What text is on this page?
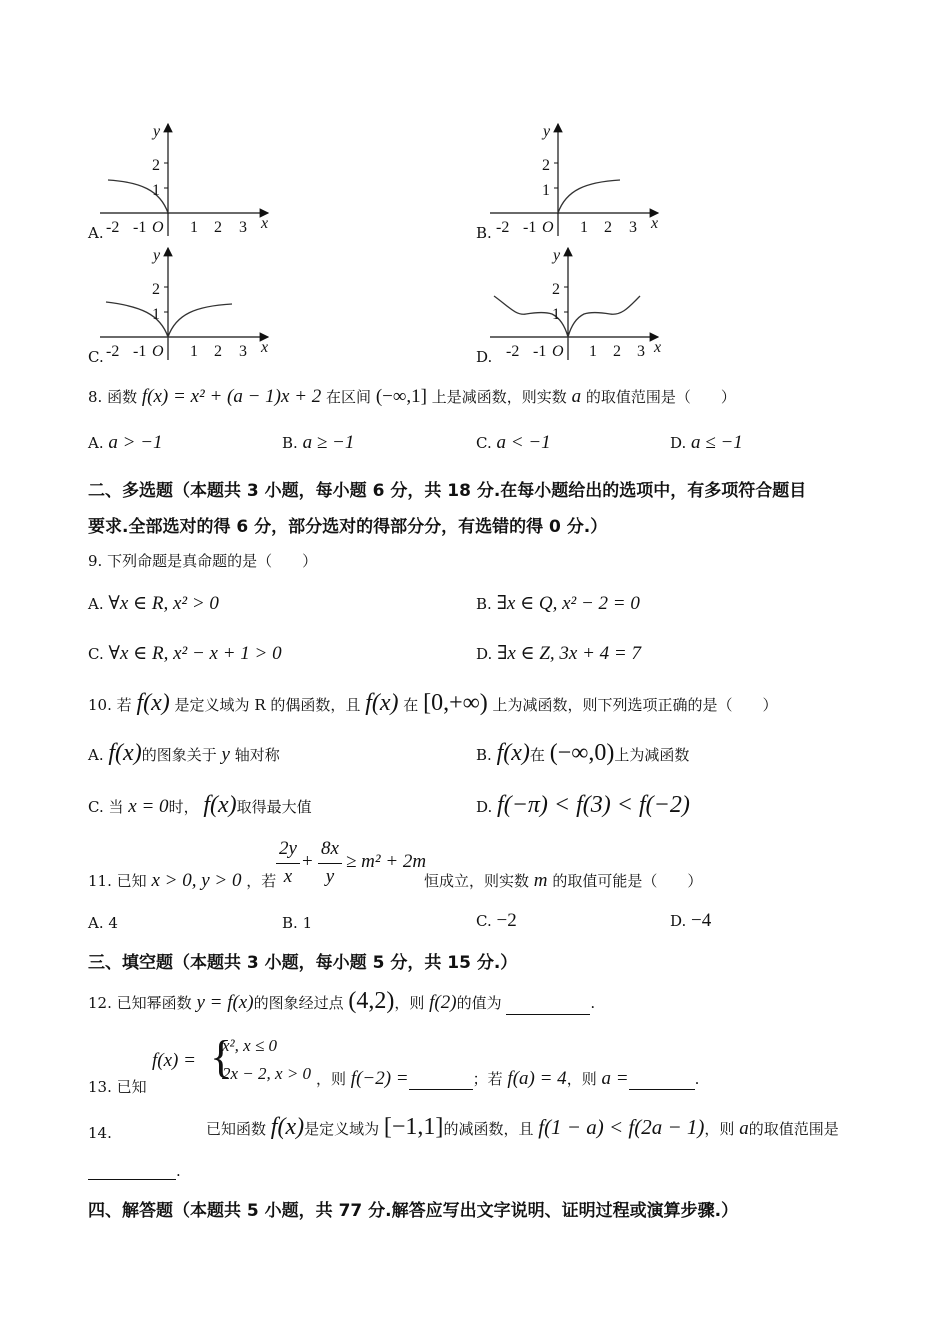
A.
y
2
1
-2 -1 O 1 2 3 x
B.
y
2
1
-2 -1 O 1 2 3 x
C.
y
2
1
-2 -1 O 1 2 3 x
D.
y
2
1
-2 -1 O 1 2 3 x
8. 函数 f(x) = x² + (a − 1)x + 2 在区间 (−∞,1] 上是减函数，则实数 a 的取值范围是（　　）
A. a > −1	B. a ≥ −1	C. a < −1	D. a ≤ −1
二、多选题（本题共 3 小题，每小题 6 分，共 18 分.在每小题给出的选项中，有多项符合题目
要求.全部选对的得 6 分，部分选对的得部分分，有选错的得 0 分.）
9. 下列命题是真命题的是（　　）
A. ∀x ∈ R, x² > 0	B. ∃x ∈ Q, x² − 2 = 0
C. ∀x ∈ R, x² − x + 1 > 0	D. ∃x ∈ Z, 3x + 4 = 7
10. 若 f(x) 是定义域为 R 的偶函数，且 f(x) 在 [0,+∞) 上为减函数，则下列选项正确的是（　　）
A. f(x)的图象关于 y 轴对称	B. f(x)在 (−∞,0)上为减函数
C. 当 x = 0时， f(x)取得最大值	D. f(−π) < f(3) < f(−2)
11. 已知 x > 0, y > 0 ，若
2y
x
+
8x
y
≥ m² + 2m
恒成立，则实数 m 的取值可能是（　　）
A. 4	B. 1	C. −2	D. −4
三、填空题（本题共 3 小题，每小题 5 分，共 15 分.）
12. 已知幂函数 y = f(x)的图象经过点 (4,2)，则 f(2)的值为	.
13. 已知
f(x) = {
x², x ≤ 0
2x − 2, x > 0 ，则 f(−2) =	；若 f(a) = 4，则 a =	.
14.	已知函数 f(x)是定义域为 [−1,1]的减函数，且 f(1 − a) < f(2a − 1)，则 a的取值范围是
.
四、解答题（本题共 5 小题，共 77 分.解答应写出文字说明、证明过程或演算步骤.）
